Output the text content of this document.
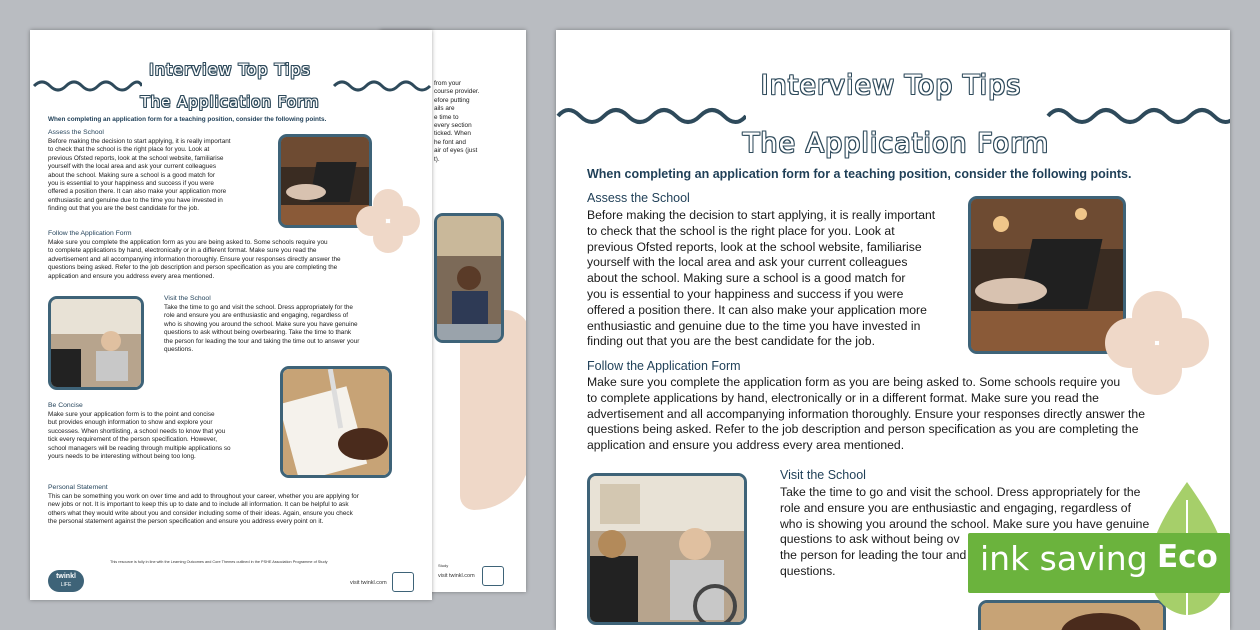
from your
course provider.
efore putting
ails are
e time to
every section
ticked. When
he font and
air of eyes (just
t).
Study
visit twinkl.com
Interview Top Tips
The Application Form
When completing an application form for a teaching position, consider the following points.
Assess the School
Before making the decision to start applying, it is really important
to check that the school is the right place for you. Look at
previous Ofsted reports, look at the school website, familiarise
yourself with the local area and ask your current colleagues
about the school. Making sure a school is a good match for
you is essential to your happiness and success if you were
offered a position there. It can also make your application more
enthusiastic and genuine due to the time you have invested in
finding out that you are the best candidate for the job.
Follow the Application Form
Make sure you complete the application form as you are being asked to. Some schools require you
to complete applications by hand, electronically or in a different format. Make sure you read the
advertisement and all accompanying information thoroughly. Ensure your responses directly answer the
questions being asked. Refer to the job description and person specification as you are completing the
application and ensure you address every area mentioned.
Visit the School
Take the time to go and visit the school. Dress appropriately for the
role and ensure you are enthusiastic and engaging, regardless of
who is showing you around the school. Make sure you have genuine
questions to ask without being overbearing. Take the time to thank
the person for leading the tour and taking the time out to answer your
questions.
Be Concise
Make sure your application form is to the point and concise
but provides enough information to show and explore your
successes. When shortlisting, a school needs to know that you
tick every requirement of the person specification. However,
school managers will be reading through multiple applications so
yours needs to be interesting without being too long.
Personal Statement
This can be something you work on over time and add to throughout your career, whether you are applying for
new jobs or not. It is important to keep this up to date and to include all information. It can be helpful to ask
others what they would write about you and consider including some of their ideas. Again, ensure you check
the personal statement against the person specification and ensure you address every point on it.
This resource is fully in line with the Learning Outcomes and Core Themes outlined in the PSHE Association Programme of Study
twinkl
LIFE	visit twinkl.com
Interview Top Tips
The Application Form
When completing an application form for a teaching position, consider the following points.
Assess the School
Before making the decision to start applying, it is really important
to check that the school is the right place for you. Look at
previous Ofsted reports, look at the school website, familiarise
yourself with the local area and ask your current colleagues
about the school. Making sure a school is a good match for
you is essential to your happiness and success if you were
offered a position there. It can also make your application more
enthusiastic and genuine due to the time you have invested in
finding out that you are the best candidate for the job.
Follow the Application Form
Make sure you complete the application form as you are being asked to. Some schools require you
to complete applications by hand, electronically or in a different format. Make sure you read the
advertisement and all accompanying information thoroughly. Ensure your responses directly answer the
questions being asked. Refer to the job description and person specification as you are completing the
application and ensure you address every area mentioned.
Visit the School
Take the time to go and visit the school. Dress appropriately for the
role and ensure you are enthusiastic and engaging, regardless of
who is showing you around the school. Make sure you have genuine
questions to ask without being ov
the person for leading the tour and
questions.	ink saving Eco
